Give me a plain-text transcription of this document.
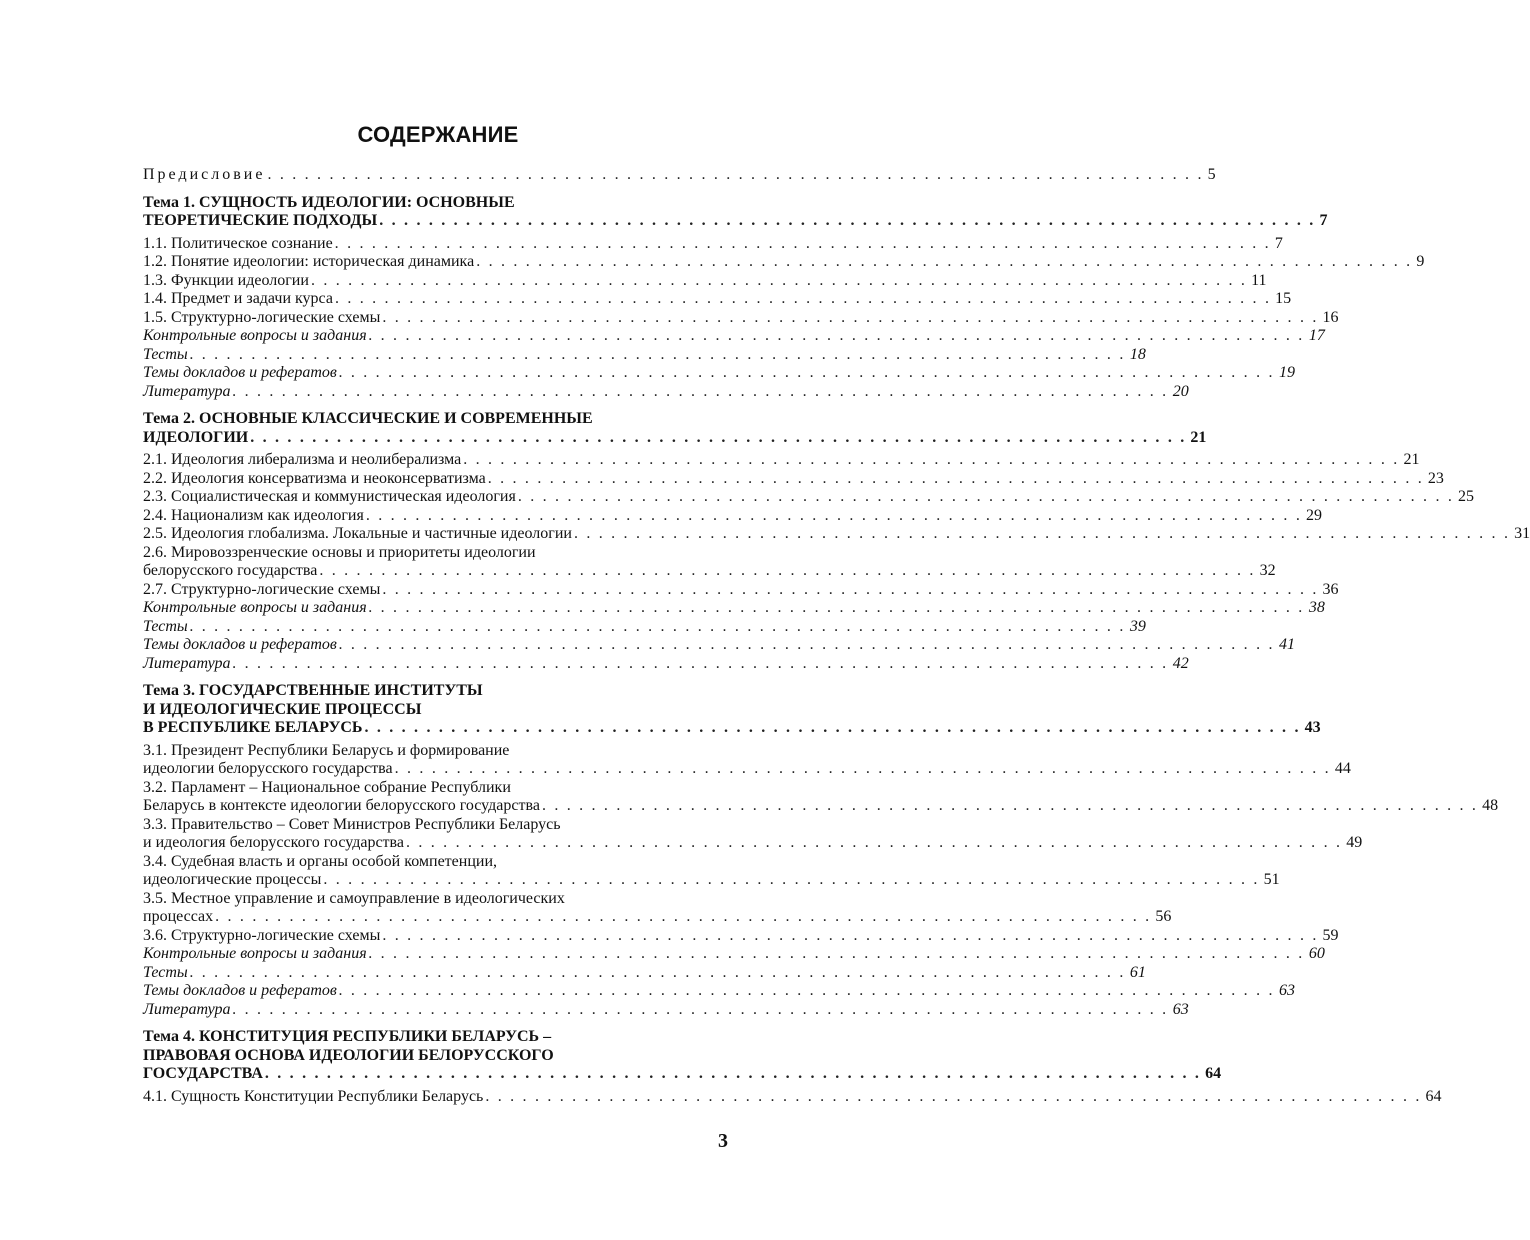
СОДЕРЖАНИЕ
Предисловие . . . . . . . . . . . . . . . . . . . . . . . . . . . . . . . . . . . . . . . . . . . . . . . . . . . . . . . . . . . . . . . . . . . . . . . . . . . . 5
Тема 1. СУЩНОСТЬ ИДЕОЛОГИИ: ОСНОВНЫЕ
ТЕОРЕТИЧЕСКИЕ ПОДХОДЫ . . . . . . . . . . . . . . . . . . . . . . . . . . . . . . . . . . . . . . . . . . . . . . . . . . . . . . . . . . . . . . . . . . . . . . . . . . . . 7
1.1. Политическое сознание . . . . . . . . . . . . . . . . . . . . . . . . . . . . . . . . . . . . . . . . . . . . . . . . . . . . . . . . . . . . . . . . . . . . . . . . . . . . 7
1.2. Понятие идеологии: историческая динамика . . . . . . . . . . . . . . . . . . . . . . . . . . . . . . . . . . . . . . . . . . . . . . . . . . . . . . . . . . . . . . . . . . . . . . . . . . . . 9
1.3. Функции идеологии . . . . . . . . . . . . . . . . . . . . . . . . . . . . . . . . . . . . . . . . . . . . . . . . . . . . . . . . . . . . . . . . . . . . . . . . . . . . 11
1.4. Предмет и задачи курса . . . . . . . . . . . . . . . . . . . . . . . . . . . . . . . . . . . . . . . . . . . . . . . . . . . . . . . . . . . . . . . . . . . . . . . . . . . . 15
1.5. Структурно-логические схемы . . . . . . . . . . . . . . . . . . . . . . . . . . . . . . . . . . . . . . . . . . . . . . . . . . . . . . . . . . . . . . . . . . . . . . . . . . . . 16
Контрольные вопросы и задания . . . . . . . . . . . . . . . . . . . . . . . . . . . . . . . . . . . . . . . . . . . . . . . . . . . . . . . . . . . . . . . . . . . . . . . . . . . . 17
Тесты . . . . . . . . . . . . . . . . . . . . . . . . . . . . . . . . . . . . . . . . . . . . . . . . . . . . . . . . . . . . . . . . . . . . . . . . . . . . 18
Темы докладов и рефератов . . . . . . . . . . . . . . . . . . . . . . . . . . . . . . . . . . . . . . . . . . . . . . . . . . . . . . . . . . . . . . . . . . . . . . . . . . . . 19
Литература . . . . . . . . . . . . . . . . . . . . . . . . . . . . . . . . . . . . . . . . . . . . . . . . . . . . . . . . . . . . . . . . . . . . . . . . . . . . 20
Тема 2. ОСНОВНЫЕ КЛАССИЧЕСКИЕ И СОВРЕМЕННЫЕ
ИДЕОЛОГИИ . . . . . . . . . . . . . . . . . . . . . . . . . . . . . . . . . . . . . . . . . . . . . . . . . . . . . . . . . . . . . . . . . . . . . . . . . . . . 21
2.1. Идеология либерализма и неолиберализма . . . . . . . . . . . . . . . . . . . . . . . . . . . . . . . . . . . . . . . . . . . . . . . . . . . . . . . . . . . . . . . . . . . . . . . . . . . . 21
2.2. Идеология консерватизма и неоконсерватизма . . . . . . . . . . . . . . . . . . . . . . . . . . . . . . . . . . . . . . . . . . . . . . . . . . . . . . . . . . . . . . . . . . . . . . . . . . . . 23
2.3. Социалистическая и коммунистическая идеология . . . . . . . . . . . . . . . . . . . . . . . . . . . . . . . . . . . . . . . . . . . . . . . . . . . . . . . . . . . . . . . . . . . . . . . . . . . . 25
2.4. Национализм как идеология . . . . . . . . . . . . . . . . . . . . . . . . . . . . . . . . . . . . . . . . . . . . . . . . . . . . . . . . . . . . . . . . . . . . . . . . . . . . 29
2.5. Идеология глобализма. Локальные и частичные идеологии . . . . . . . . . . . . . . . . . . . . . . . . . . . . . . . . . . . . . . . . . . . . . . . . . . . . . . . . . . . . . . . . . . . . . . . . . . . . 31
2.6. Мировоззренческие основы и приоритеты идеологии
белорусского государства . . . . . . . . . . . . . . . . . . . . . . . . . . . . . . . . . . . . . . . . . . . . . . . . . . . . . . . . . . . . . . . . . . . . . . . . . . . . 32
2.7. Структурно-логические схемы . . . . . . . . . . . . . . . . . . . . . . . . . . . . . . . . . . . . . . . . . . . . . . . . . . . . . . . . . . . . . . . . . . . . . . . . . . . . 36
Контрольные вопросы и задания . . . . . . . . . . . . . . . . . . . . . . . . . . . . . . . . . . . . . . . . . . . . . . . . . . . . . . . . . . . . . . . . . . . . . . . . . . . . 38
Тесты . . . . . . . . . . . . . . . . . . . . . . . . . . . . . . . . . . . . . . . . . . . . . . . . . . . . . . . . . . . . . . . . . . . . . . . . . . . . 39
Темы докладов и рефератов . . . . . . . . . . . . . . . . . . . . . . . . . . . . . . . . . . . . . . . . . . . . . . . . . . . . . . . . . . . . . . . . . . . . . . . . . . . . 41
Литература . . . . . . . . . . . . . . . . . . . . . . . . . . . . . . . . . . . . . . . . . . . . . . . . . . . . . . . . . . . . . . . . . . . . . . . . . . . . 42
Тема 3. ГОСУДАРСТВЕННЫЕ ИНСТИТУТЫ
И ИДЕОЛОГИЧЕСКИЕ ПРОЦЕССЫ
В РЕСПУБЛИКЕ БЕЛАРУСЬ . . . . . . . . . . . . . . . . . . . . . . . . . . . . . . . . . . . . . . . . . . . . . . . . . . . . . . . . . . . . . . . . . . . . . . . . . . . . 43
3.1. Президент Республики Беларусь и формирование
идеологии белорусского государства . . . . . . . . . . . . . . . . . . . . . . . . . . . . . . . . . . . . . . . . . . . . . . . . . . . . . . . . . . . . . . . . . . . . . . . . . . . . 44
3.2. Парламент – Национальное собрание Республики
Беларусь в контексте идеологии белорусского государства . . . . . . . . . . . . . . . . . . . . . . . . . . . . . . . . . . . . . . . . . . . . . . . . . . . . . . . . . . . . . . . . . . . . . . . . . . . . 48
3.3. Правительство – Совет Министров Республики Беларусь
и идеология белорусского государства . . . . . . . . . . . . . . . . . . . . . . . . . . . . . . . . . . . . . . . . . . . . . . . . . . . . . . . . . . . . . . . . . . . . . . . . . . . . 49
3.4. Судебная власть и органы особой компетенции,
идеологические процессы . . . . . . . . . . . . . . . . . . . . . . . . . . . . . . . . . . . . . . . . . . . . . . . . . . . . . . . . . . . . . . . . . . . . . . . . . . . . 51
3.5. Местное управление и самоуправление в идеологических
процессах . . . . . . . . . . . . . . . . . . . . . . . . . . . . . . . . . . . . . . . . . . . . . . . . . . . . . . . . . . . . . . . . . . . . . . . . . . . . 56
3.6. Структурно-логические схемы . . . . . . . . . . . . . . . . . . . . . . . . . . . . . . . . . . . . . . . . . . . . . . . . . . . . . . . . . . . . . . . . . . . . . . . . . . . . 59
Контрольные вопросы и задания . . . . . . . . . . . . . . . . . . . . . . . . . . . . . . . . . . . . . . . . . . . . . . . . . . . . . . . . . . . . . . . . . . . . . . . . . . . . 60
Тесты . . . . . . . . . . . . . . . . . . . . . . . . . . . . . . . . . . . . . . . . . . . . . . . . . . . . . . . . . . . . . . . . . . . . . . . . . . . . 61
Темы докладов и рефератов . . . . . . . . . . . . . . . . . . . . . . . . . . . . . . . . . . . . . . . . . . . . . . . . . . . . . . . . . . . . . . . . . . . . . . . . . . . . 63
Литература . . . . . . . . . . . . . . . . . . . . . . . . . . . . . . . . . . . . . . . . . . . . . . . . . . . . . . . . . . . . . . . . . . . . . . . . . . . . 63
Тема 4. КОНСТИТУЦИЯ РЕСПУБЛИКИ БЕЛАРУСЬ –
ПРАВОВАЯ ОСНОВА ИДЕОЛОГИИ БЕЛОРУССКОГО
ГОСУДАРСТВА . . . . . . . . . . . . . . . . . . . . . . . . . . . . . . . . . . . . . . . . . . . . . . . . . . . . . . . . . . . . . . . . . . . . . . . . . . . . 64
4.1. Сущность Конституции Республики Беларусь . . . . . . . . . . . . . . . . . . . . . . . . . . . . . . . . . . . . . . . . . . . . . . . . . . . . . . . . . . . . . . . . . . . . . . . . . . . . 64
3
